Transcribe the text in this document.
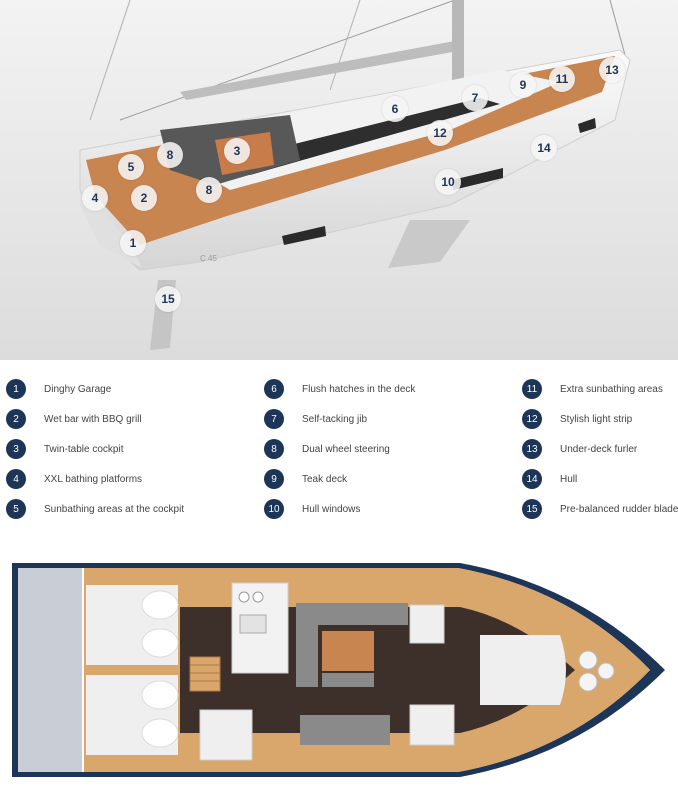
C 45
1
2
3
4
5
6
7
8
8
9
10
11
12
13
14
15
1	Dinghy Garage
2	Wet bar with BBQ grill
3	Twin-table cockpit
4	XXL bathing platforms
5	Sunbathing areas at the cockpit
6	Flush hatches in the deck
7	Self-tacking jib
8	Dual wheel steering
9	Teak deck
10	Hull windows
11	Extra sunbathing areas
12	Stylish light strip
13	Under-deck furler
14	Hull
15	Pre-balanced rudder blade
